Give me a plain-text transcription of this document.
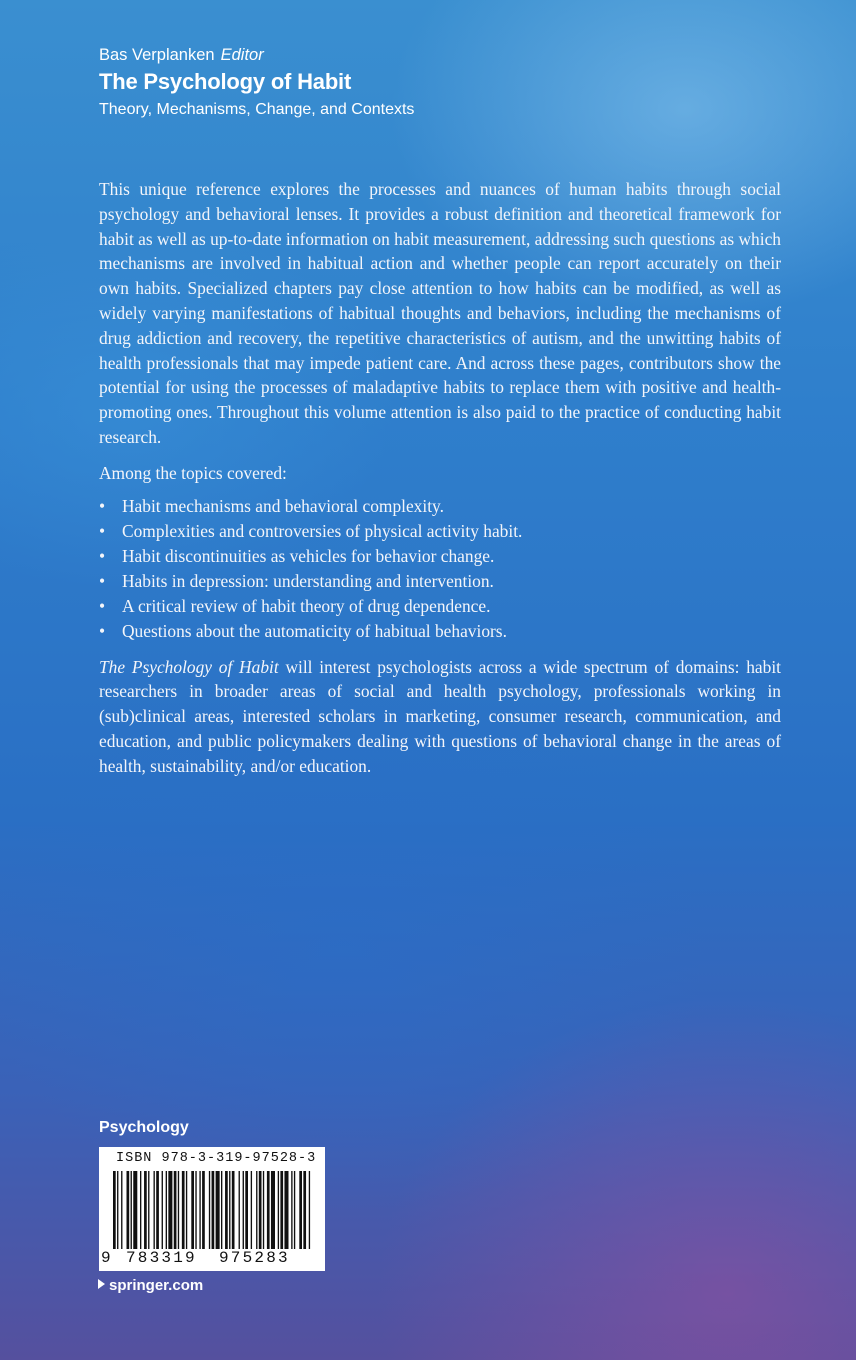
Bas Verplanken Editor
The Psychology of Habit
Theory, Mechanisms, Change, and Contexts

This unique reference explores the processes and nuances of human habits through social psychology and behavioral lenses. It provides a robust definition and theoretical framework for habit as well as up-to-date information on habit measurement, addressing such questions as which mechanisms are involved in habitual action and whether people can report accurately on their own habits. Specialized chapters pay close attention to how habits can be modified, as well as widely varying manifestations of habitual thoughts and behaviors, including the mechanisms of drug addiction and recovery, the repetitive characteristics of autism, and the unwitting habits of health professionals that may impede patient care. And across these pages, contributors show the potential for using the processes of maladaptive habits to replace them with positive and health-promoting ones. Throughout this volume attention is also paid to the practice of conducting habit research.

Among the topics covered:

• Habit mechanisms and behavioral complexity.
• Complexities and controversies of physical activity habit.
• Habit discontinuities as vehicles for behavior change.
• Habits in depression: understanding and intervention.
• A critical review of habit theory of drug dependence.
• Questions about the automaticity of habitual behaviors.

The Psychology of Habit will interest psychologists across a wide spectrum of domains: habit researchers in broader areas of social and health psychology, professionals working in (sub)clinical areas, interested scholars in marketing, consumer research, communication, and education, and public policymakers dealing with questions of behavioral change in the areas of health, sustainability, and/or education.

Psychology
ISBN 978-3-319-97528-3
9 783319 975283
springer.com
